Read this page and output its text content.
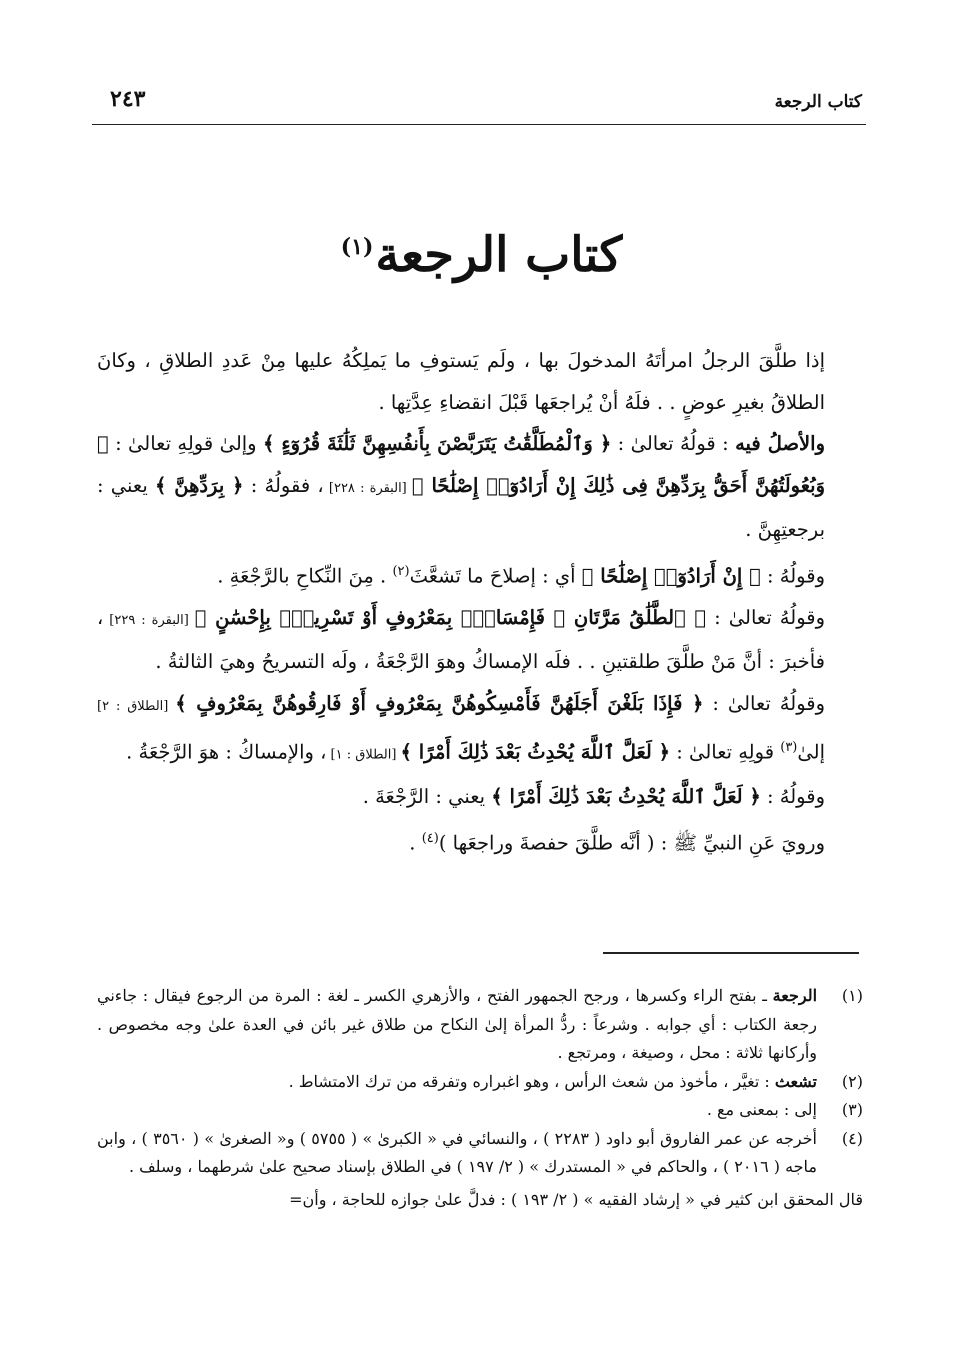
كتاب الرجعة
٢٤٣
كتاب الرجعة$^{(١)}$

إذا طلَّقَ الرجلُ امرأتَهُ المدخولَ بها ، ولَم يَستوفِ ما يَملِكُهُ عليها مِنْ عَددِ الطلاقِ ، وكانَ الطلاقُ بغيرِ عوضٍ . . فلَهُ أنْ يُراجعَها قَبْلَ انقضاءِ عِدَّتِها .

والأصلُ فيه : قولُهُ تعالىٰ : ﴿ وَٱلْمُطَلَّقَٰتُ يَتَرَبَّصْنَ بِأَنفُسِهِنَّ ثَلَٰثَةَ قُرُوٓءٍ ﴾ وإلىٰ قولِهِ تعالىٰ : ﴿ وَبُعُولَتُهُنَّ أَحَقُّ بِرَدِّهِنَّ فِى ذَٰلِكَ إِنْ أَرَادُوٓا۟ إِصْلَٰحًا ﴾ [البقرة : ٢٢٨] ، فقولُهُ : ﴿ بِرَدِّهِنَّ ﴾ يعني : برجعتِهِنَّ .

وقولُهُ : ﴿ إِنْ أَرَادُوٓا۟ إِصْلَٰحًا ﴾ أي : إصلاحَ ما تَشعَّثَ$^{(٢)}$ . مِنَ النِّكاحِ بالرَّجْعَةِ .

وقولُهُ تعالىٰ : ﴿ ٱلطَّلَٰقُ مَرَّتَانِ ۖ فَإِمْسَاكٌۢ بِمَعْرُوفٍ أَوْ تَسْرِيحٌۢ بِإِحْسَٰنٍ ﴾ [البقرة : ٢٢٩] ، فأخبرَ : أنَّ مَنْ طلَّقَ طلقتينِ . . فلَه الإمساكُ وهوَ الرَّجْعَةُ ، ولَه التسريحُ وهيَ الثالثةُ .

وقولُهُ تعالىٰ : ﴿ فَإِذَا بَلَغْنَ أَجَلَهُنَّ فَأَمْسِكُوهُنَّ بِمَعْرُوفٍ أَوْ فَارِقُوهُنَّ بِمَعْرُوفٍ ﴾ [الطلاق : ٢] إلىٰ$^{(٣)}$ قولِهِ تعالىٰ : ﴿ لَعَلَّ ٱللَّهَ يُحْدِثُ بَعْدَ ذَٰلِكَ أَمْرًا ﴾ [الطلاق : ١] ، والإمساكُ : هوَ الرَّجْعَةُ .

وقولُهُ : ﴿ لَعَلَّ ٱللَّهَ يُحْدِثُ بَعْدَ ذَٰلِكَ أَمْرًا ﴾ يعني : الرَّجْعَةَ .

ورويَ عَنِ النبيِّ ﷺ : ( أنَّه طلَّقَ حفصةَ وراجعَها )$^{(٤)}$ .

(١)
الرجعة ـ بفتح الراء وكسرها ، ورجح الجمهور الفتح ، والأزهري الكسر ـ لغة : المرة من الرجوع فيقال : جاءني رجعة الكتاب : أي جوابه . وشرعاً : ردُّ المرأة إلىٰ النكاح من طلاق غير بائن في العدة علىٰ وجه مخصوص . وأركانها ثلاثة : محل ، وصيغة ، ومرتجع .

(٢)
تشعث : تغيَّر ، مأخوذ من شعث الرأس ، وهو اغبراره وتفرقه من ترك الامتشاط .

(٣)
إلى : بمعنى مع .

(٤)
أخرجه عن عمر الفاروق أبو داود ( ٢٢٨٣ ) ، والنسائي في « الكبرىٰ » ( ٥٧٥٥ ) و« الصغرىٰ » ( ٣٥٦٠ ) ، وابن ماجه ( ٢٠١٦ ) ، والحاكم في « المستدرك » ( ٢/ ١٩٧ ) في الطلاق بإسناد صحيح علىٰ شرطهما ، وسلف .

قال المحقق ابن كثير في « إرشاد الفقيه » ( ٢/ ١٩٣ ) : فدلَّ علىٰ جوازه للحاجة ، وأن=
